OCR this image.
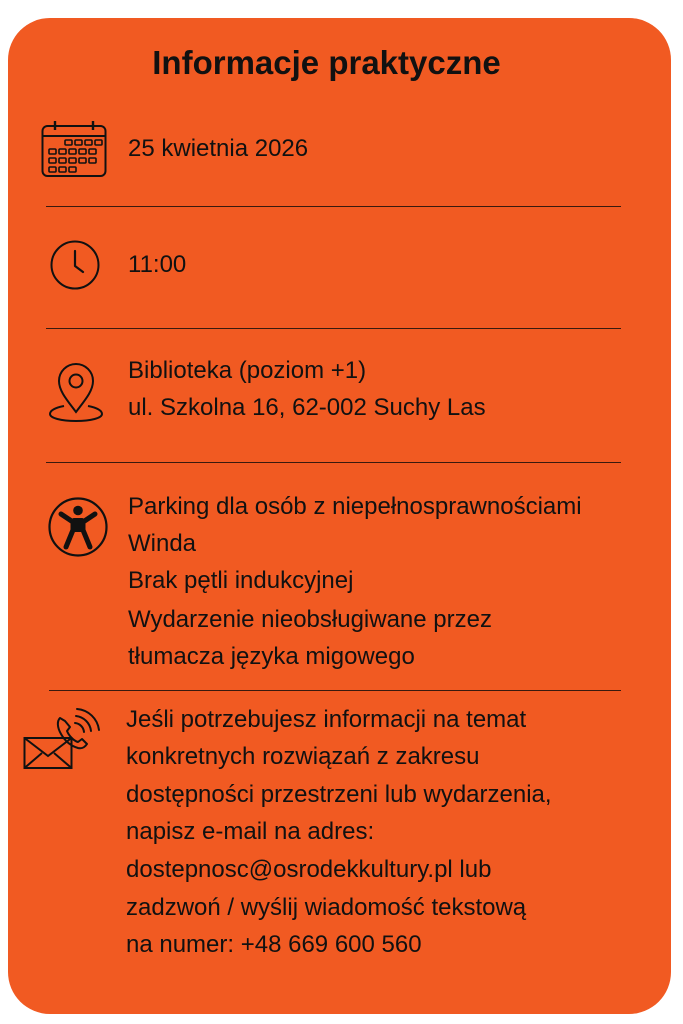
Informacje praktyczne
25 kwietnia 2026
11:00
Biblioteka (poziom +1)
ul. Szkolna 16, 62-002 Suchy Las
Parking dla osób z niepełnosprawnościami
Winda
Brak pętli indukcyjnej
Wydarzenie nieobsługiwane przez
tłumacza języka migowego
Jeśli potrzebujesz informacji na temat
konkretnych rozwiązań z zakresu
dostępności przestrzeni lub wydarzenia,
napisz e-mail na adres:
dostepnosc@osrodekkultury.pl lub
zadzwoń / wyślij wiadomość tekstową
na numer: +48 669 600 560
